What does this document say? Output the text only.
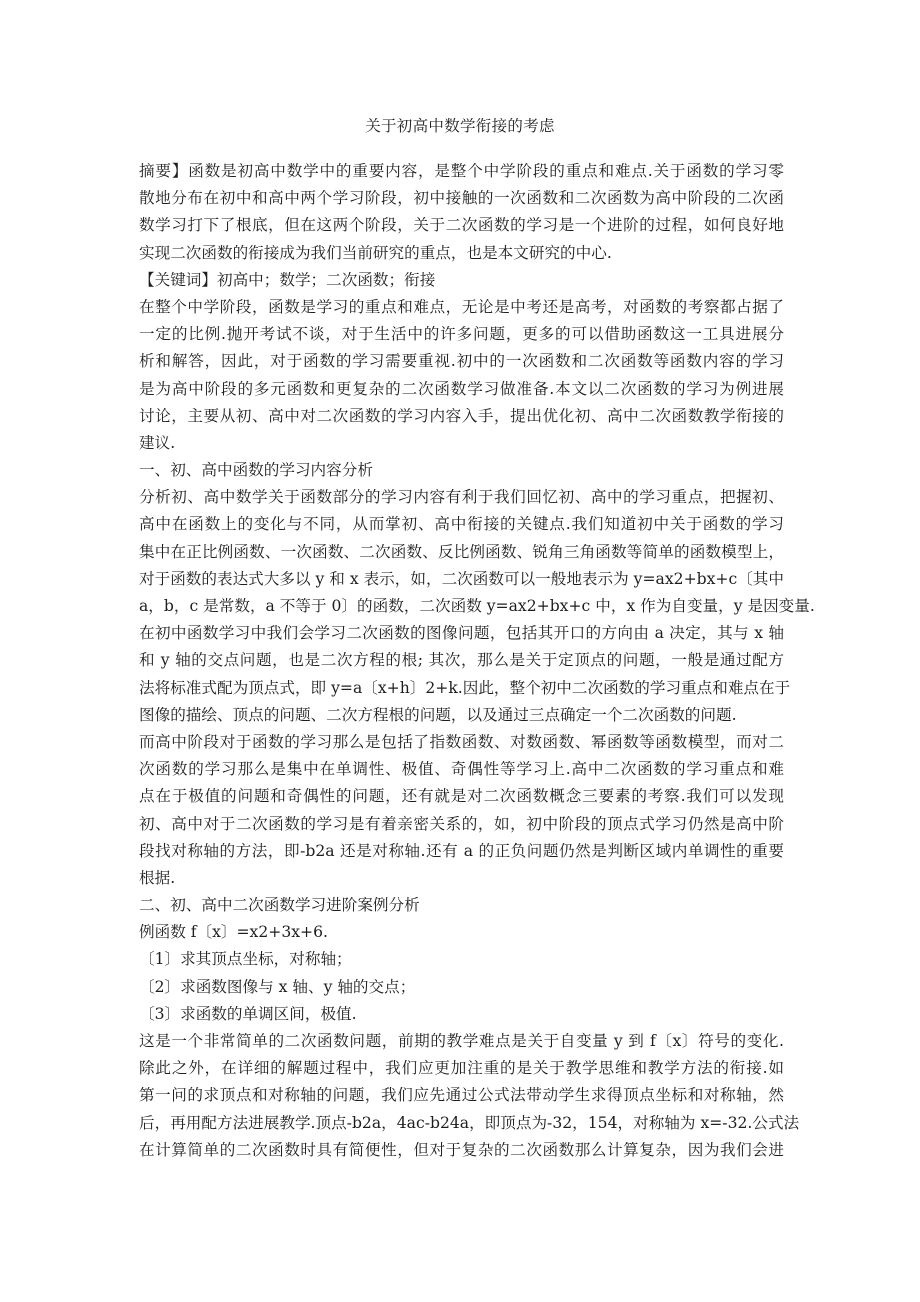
关于初高中数学衔接的考虑
摘要】函数是初高中数学中的重要内容，是整个中学阶段的重点和难点.关于函数的学习零
散地分布在初中和高中两个学习阶段，初中接触的一次函数和二次函数为高中阶段的二次函
数学习打下了根底，但在这两个阶段，关于二次函数的学习是一个进阶的过程，如何良好地
实现二次函数的衔接成为我们当前研究的重点，也是本文研究的中心.
【关键词】初高中；数学；二次函数；衔接
在整个中学阶段，函数是学习的重点和难点，无论是中考还是高考，对函数的考察都占据了
一定的比例.抛开考试不谈，对于生活中的许多问题，更多的可以借助函数这一工具进展分
析和解答，因此，对于函数的学习需要重视.初中的一次函数和二次函数等函数内容的学习
是为高中阶段的多元函数和更复杂的二次函数学习做准备.本文以二次函数的学习为例进展
讨论，主要从初、高中对二次函数的学习内容入手，提出优化初、高中二次函数教学衔接的
建议.
一、初、高中函数的学习内容分析
分析初、高中数学关于函数部分的学习内容有利于我们回忆初、高中的学习重点，把握初、
高中在函数上的变化与不同，从而掌初、高中衔接的关键点.我们知道初中关于函数的学习
集中在正比例函数、一次函数、二次函数、反比例函数、锐角三角函数等简单的函数模型上，
对于函数的表达式大多以 y 和 x 表示，如，二次函数可以一般地表示为 y=ax2+bx+c〔其中
a，b，c 是常数，a 不等于 0〕的函数，二次函数 y=ax2+bx+c 中，x 作为自变量，y 是因变量.
在初中函数学习中我们会学习二次函数的图像问题，包括其开口的方向由 a 决定，其与 x 轴
和 y 轴的交点问题，也是二次方程的根; 其次，那么是关于定顶点的问题，一般是通过配方
法将标准式配为顶点式，即 y=a〔x+h〕2+k.因此，整个初中二次函数的学习重点和难点在于
图像的描绘、顶点的问题、二次方程根的问题，以及通过三点确定一个二次函数的问题.
而高中阶段对于函数的学习那么是包括了指数函数、对数函数、幂函数等函数模型，而对二
次函数的学习那么是集中在单调性、极值、奇偶性等学习上.高中二次函数的学习重点和难
点在于极值的问题和奇偶性的问题，还有就是对二次函数概念三要素的考察.我们可以发现
初、高中对于二次函数的学习是有着亲密关系的，如，初中阶段的顶点式学习仍然是高中阶
段找对称轴的方法，即-b2a 还是对称轴.还有 a 的正负问题仍然是判断区域内单调性的重要
根据.
二、初、高中二次函数学习进阶案例分析
例函数 f〔x〕=x2+3x+6.
〔1〕求其顶点坐标，对称轴；
〔2〕求函数图像与 x 轴、y 轴的交点；
〔3〕求函数的单调区间，极值.
这是一个非常简单的二次函数问题，前期的教学难点是关于自变量 y 到 f〔x〕符号的变化.
除此之外，在详细的解题过程中，我们应更加注重的是关于教学思维和教学方法的衔接.如
第一问的求顶点和对称轴的问题，我们应先通过公式法带动学生求得顶点坐标和对称轴，然
后，再用配方法进展教学.顶点-b2a，4ac-b24a，即顶点为-32，154，对称轴为 x=-32.公式法
在计算简单的二次函数时具有简便性，但对于复杂的二次函数那么计算复杂，因为我们会进
